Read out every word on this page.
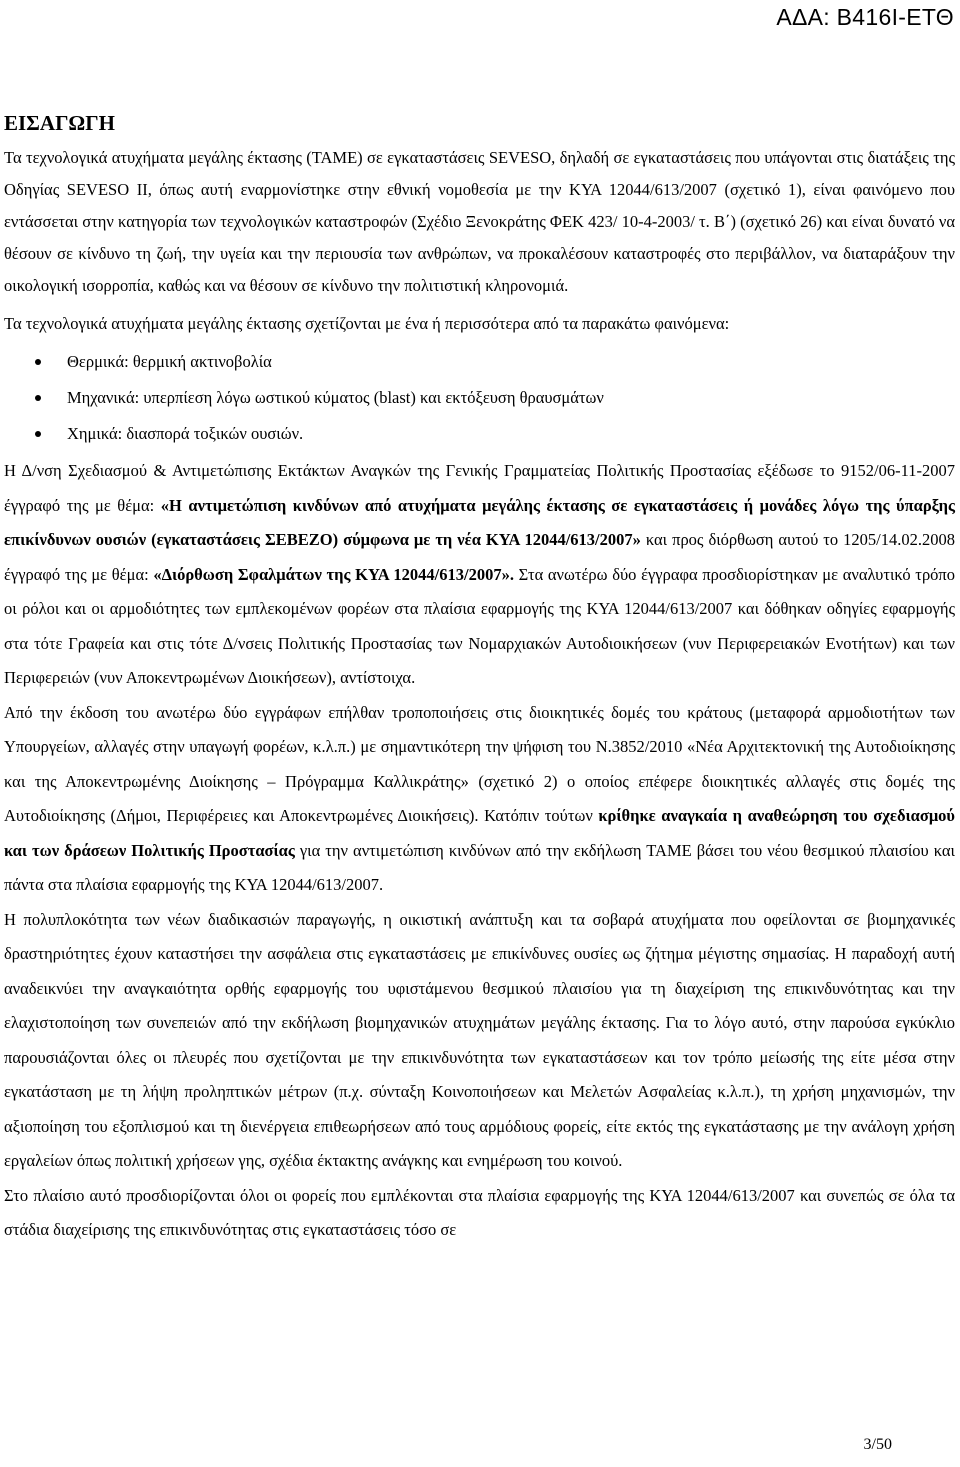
ΑΔΑ: Β416Ι-ΕΤΘ
ΕΙΣΑΓΩΓΗ

Τα τεχνολογικά ατυχήματα μεγάλης έκτασης (ΤΑΜΕ) σε εγκαταστάσεις SEVESO, δηλαδή σε εγκαταστάσεις που υπάγονται στις διατάξεις της Οδηγίας SEVESO II, όπως αυτή εναρμονίστηκε στην εθνική νομοθεσία με την ΚΥΑ 12044/613/2007 (σχετικό 1), είναι φαινόμενο που εντάσσεται στην κατηγορία των τεχνολογικών καταστροφών (Σχέδιο Ξενοκράτης ΦΕΚ 423/ 10-4-2003/ τ. Β΄) (σχετικό 26) και είναι δυνατό να θέσουν σε κίνδυνο τη ζωή, την υγεία και την περιουσία των ανθρώπων, να προκαλέσουν καταστροφές στο περιβάλλον, να διαταράξουν την οικολογική ισορροπία, καθώς και να θέσουν σε κίνδυνο την πολιτιστική κληρονομιά.

Τα τεχνολογικά ατυχήματα μεγάλης έκτασης σχετίζονται με ένα ή περισσότερα από τα παρακάτω φαινόμενα:

Θερμικά: θερμική ακτινοβολία
Μηχανικά: υπερπίεση λόγω ωστικού κύματος (blast) και εκτόξευση θραυσμάτων
Χημικά: διασπορά τοξικών ουσιών.

Η Δ/νση Σχεδιασμού & Αντιμετώπισης Εκτάκτων Αναγκών της Γενικής Γραμματείας Πολιτικής Προστασίας εξέδωσε το 9152/06-11-2007 έγγραφό της με θέμα: «Η αντιμετώπιση κινδύνων από ατυχήματα μεγάλης έκτασης σε εγκαταστάσεις ή μονάδες λόγω της ύπαρξης επικίνδυνων ουσιών (εγκαταστάσεις ΣΕΒΕΖΟ) σύμφωνα με τη νέα ΚΥΑ 12044/613/2007» και προς διόρθωση αυτού το 1205/14.02.2008 έγγραφό της με θέμα: «Διόρθωση Σφαλμάτων της ΚΥΑ 12044/613/2007». Στα ανωτέρω δύο έγγραφα προσδιορίστηκαν με αναλυτικό τρόπο οι ρόλοι και οι αρμοδιότητες των εμπλεκομένων φορέων στα πλαίσια εφαρμογής της ΚΥΑ 12044/613/2007 και δόθηκαν οδηγίες εφαρμογής στα τότε Γραφεία και στις τότε Δ/νσεις Πολιτικής Προστασίας των Νομαρχιακών Αυτοδιοικήσεων (νυν Περιφερειακών Ενοτήτων) και των Περιφερειών (νυν Αποκεντρωμένων Διοικήσεων), αντίστοιχα.

Από την έκδοση του ανωτέρω δύο εγγράφων επήλθαν τροποποιήσεις στις διοικητικές δομές του κράτους (μεταφορά αρμοδιοτήτων των Υπουργείων, αλλαγές στην υπαγωγή φορέων, κ.λ.π.) με σημαντικότερη την ψήφιση του Ν.3852/2010 «Νέα Αρχιτεκτονική της Αυτοδιοίκησης και της Αποκεντρωμένης Διοίκησης – Πρόγραμμα Καλλικράτης» (σχετικό 2) ο οποίος επέφερε διοικητικές αλλαγές στις δομές της Αυτοδιοίκησης (Δήμοι, Περιφέρειες και Αποκεντρωμένες Διοικήσεις). Κατόπιν τούτων κρίθηκε αναγκαία η αναθεώρηση του σχεδιασμού και των δράσεων Πολιτικής Προστασίας για την αντιμετώπιση κινδύνων από την εκδήλωση ΤΑΜΕ βάσει του νέου θεσμικού πλαισίου και πάντα στα πλαίσια εφαρμογής της ΚΥΑ 12044/613/2007.

Η πολυπλοκότητα των νέων διαδικασιών παραγωγής, η οικιστική ανάπτυξη και τα σοβαρά ατυχήματα που οφείλονται σε βιομηχανικές δραστηριότητες έχουν καταστήσει την ασφάλεια στις εγκαταστάσεις με επικίνδυνες ουσίες ως ζήτημα μέγιστης σημασίας. Η παραδοχή αυτή αναδεικνύει την αναγκαιότητα ορθής εφαρμογής του υφιστάμενου θεσμικού πλαισίου για τη διαχείριση της επικινδυνότητας και την ελαχιστοποίηση των συνεπειών από την εκδήλωση βιομηχανικών ατυχημάτων μεγάλης έκτασης. Για το λόγο αυτό, στην παρούσα εγκύκλιο παρουσιάζονται όλες οι πλευρές που σχετίζονται με την επικινδυνότητα των εγκαταστάσεων και τον τρόπο μείωσής της είτε μέσα στην εγκατάσταση με τη λήψη προληπτικών μέτρων (π.χ. σύνταξη Κοινοποιήσεων και Μελετών Ασφαλείας κ.λ.π.), τη χρήση μηχανισμών, την αξιοποίηση του εξοπλισμού και τη διενέργεια επιθεωρήσεων από τους αρμόδιους φορείς, είτε εκτός της εγκατάστασης με την ανάλογη χρήση εργαλείων όπως πολιτική χρήσεων γης, σχέδια έκτακτης ανάγκης και ενημέρωση του κοινού.

Στο πλαίσιο αυτό προσδιορίζονται όλοι οι φορείς που εμπλέκονται στα πλαίσια εφαρμογής της ΚΥΑ 12044/613/2007 και συνεπώς σε όλα τα στάδια διαχείρισης της επικινδυνότητας στις εγκαταστάσεις τόσο σε

3/50
